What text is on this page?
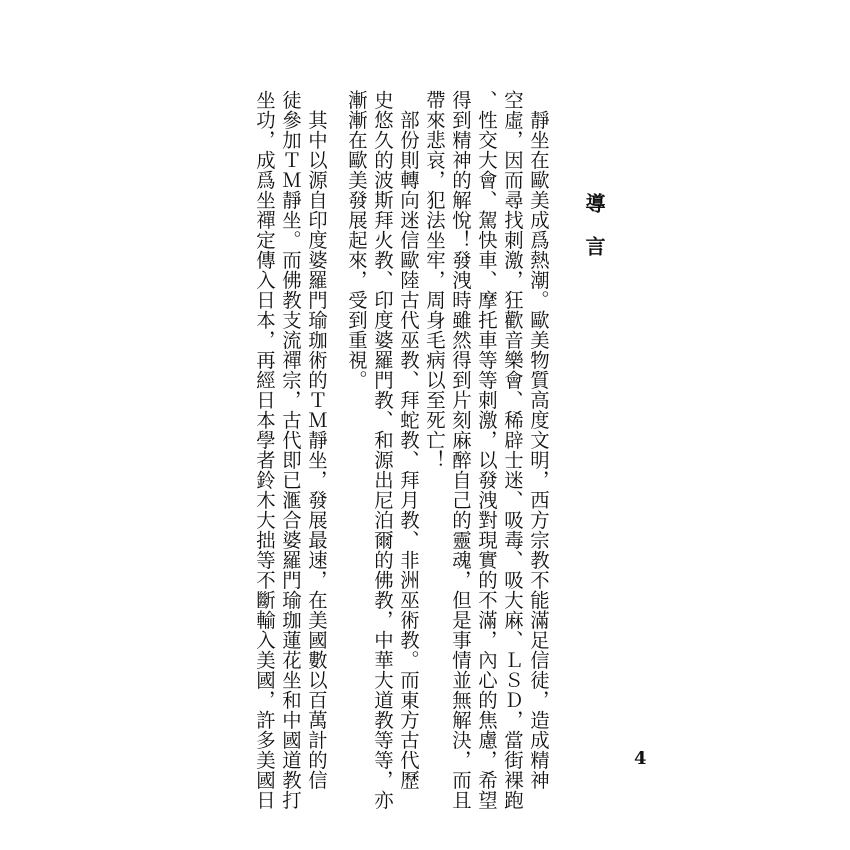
導
言
靜坐在歐美成爲熱潮。歐美物質高度文明，西方宗教不能滿足信徒，造成精神
空虛，因而尋找刺激，狂歡音樂會、稀辟士迷、吸毒、吸大麻、ＬＳＤ，當街裸跑
、性交大會、駕快車、摩托車等等刺激，以發洩對現實的不滿，內心的焦慮，希望
得到精神的解悅！發洩時雖然得到片刻麻醉自己的靈魂，但是事情並無解決，而且
帶來悲哀，犯法坐牢，周身毛病以至死亡！
部份則轉向迷信歐陸古代巫教、拜蛇教、拜月教、非洲巫術教。而東方古代歷
史悠久的波斯拜火教、印度婆羅門教、和源出尼泊爾的佛教，中華大道教等等，亦
漸漸在歐美發展起來，受到重視。
其中以源自印度婆羅門瑜珈術的ＴＭ靜坐，發展最速，在美國數以百萬計的信
徒參加ＴＭ靜坐。而佛教支流禪宗，古代即已滙合婆羅門瑜珈蓮花坐和中國道教打
坐功，成爲坐禪定傳入日本，再經日本學者鈴木大拙等不斷輸入美國，許多美國日	4
